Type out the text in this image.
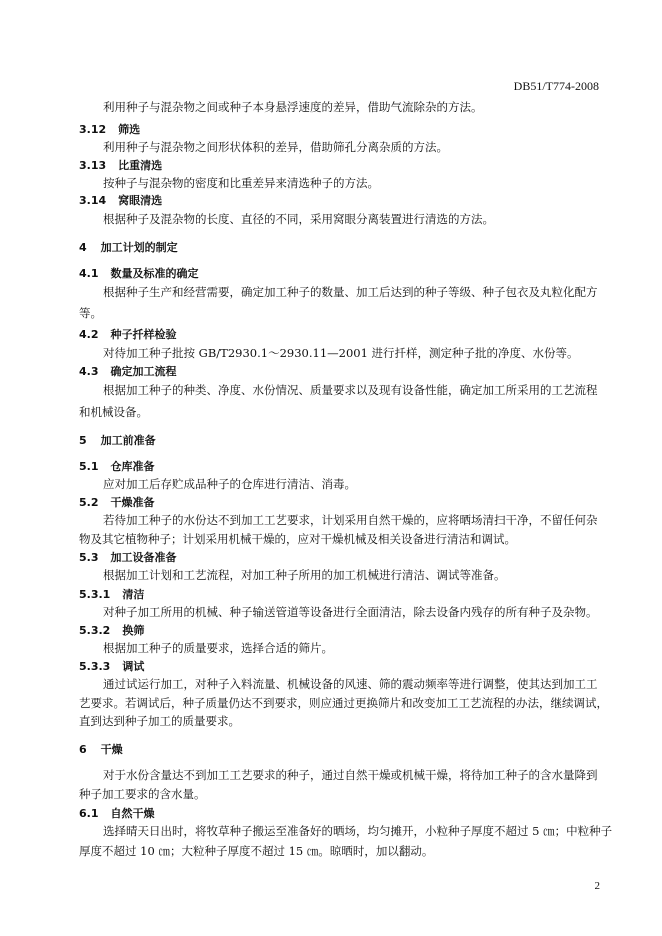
DB51/T774-2008
利用种子与混杂物之间或种子本身悬浮速度的差异，借助气流除杂的方法。
3.12 筛选
利用种子与混杂物之间形状体积的差异，借助筛孔分离杂质的方法。
3.13 比重清选
按种子与混杂物的密度和比重差异来清选种子的方法。
3.14 窝眼清选
根据种子及混杂物的长度、直径的不同，采用窝眼分离装置进行清选的方法。
4 加工计划的制定
4.1 数量及标准的确定
根据种子生产和经营需要，确定加工种子的数量、加工后达到的种子等级、种子包衣及丸粒化配方
等。
4.2 种子扦样检验
对待加工种子批按 GB/T2930.1～2930.11—2001 进行扦样，测定种子批的净度、水份等。
4.3 确定加工流程
根据加工种子的种类、净度、水份情况、质量要求以及现有设备性能，确定加工所采用的工艺流程
和机械设备。
5 加工前准备
5.1 仓库准备
应对加工后存贮成品种子的仓库进行清洁、消毒。
5.2 干燥准备
若待加工种子的水份达不到加工工艺要求，计划采用自然干燥的，应将晒场清扫干净，不留任何杂
物及其它植物种子；计划采用机械干燥的，应对干燥机械及相关设备进行清洁和调试。
5.3 加工设备准备
根据加工计划和工艺流程，对加工种子所用的加工机械进行清洁、调试等准备。
5.3.1 清洁
对种子加工所用的机械、种子输送管道等设备进行全面清洁，除去设备内残存的所有种子及杂物。
5.3.2 换筛
根据加工种子的质量要求，选择合适的筛片。
5.3.3 调试
通过试运行加工，对种子入料流量、机械设备的风速、筛的震动频率等进行调整，使其达到加工工
艺要求。若调试后，种子质量仍达不到要求，则应通过更换筛片和改变加工工艺流程的办法，继续调试，
直到达到种子加工的质量要求。
6 干燥
对于水份含量达不到加工工艺要求的种子，通过自然干燥或机械干燥，将待加工种子的含水量降到
种子加工要求的含水量。
6.1 自然干燥
选择晴天日出时，将牧草种子搬运至准备好的晒场，均匀摊开，小粒种子厚度不超过 5 ㎝；中粒种子
厚度不超过 10 ㎝；大粒种子厚度不超过 15 ㎝。晾晒时，加以翻动。
2
